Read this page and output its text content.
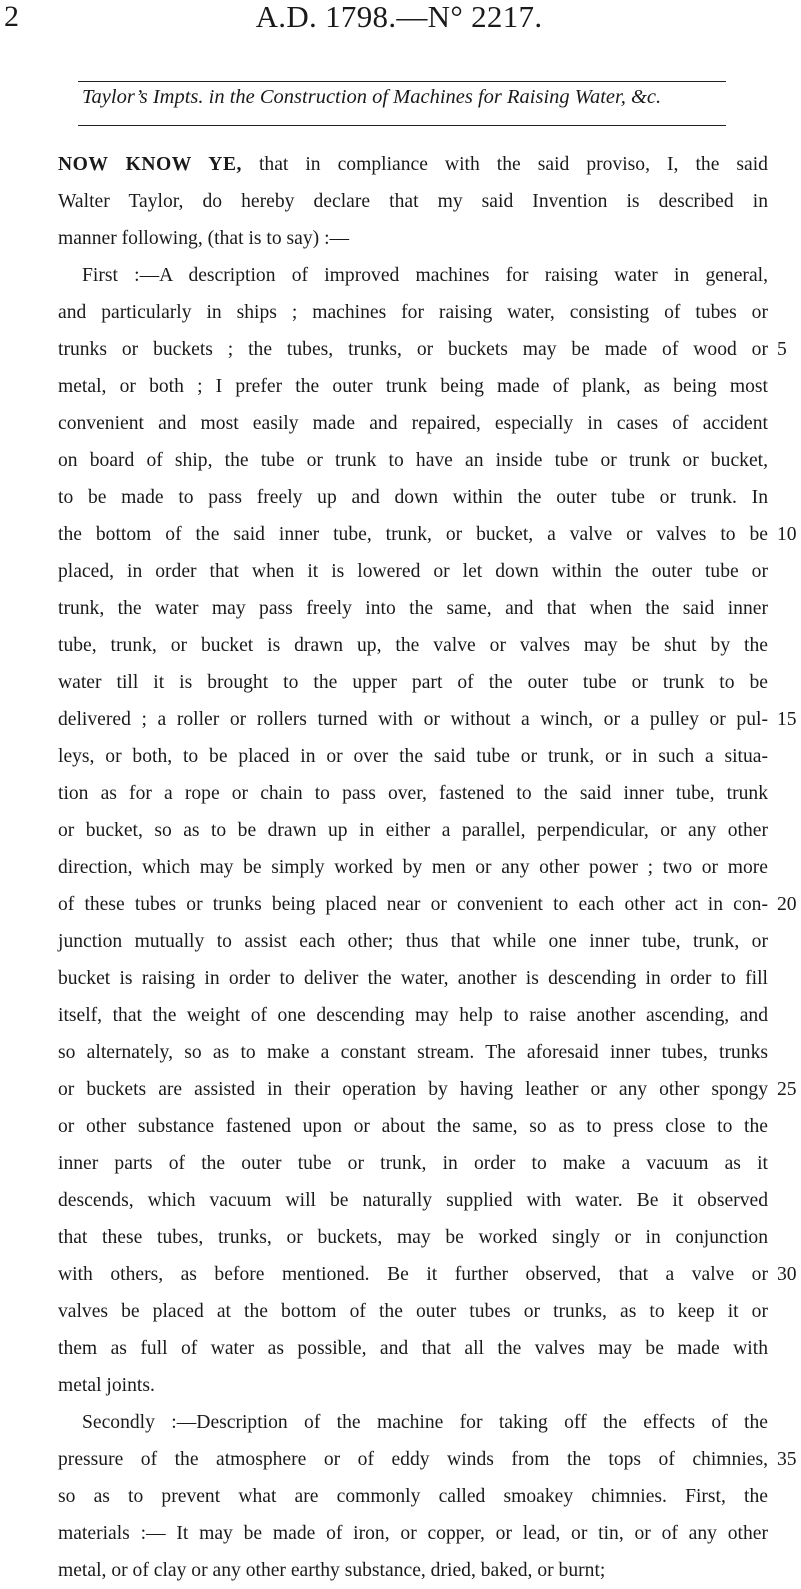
2	A.D. 1798.—N° 2217.
Taylor’s Impts. in the Construction of Machines for Raising Water, &c.
NOW KNOW YE, that in compliance with the said proviso, I, the said
Walter Taylor, do hereby declare that my said Invention is described in
manner following, (that is to say) :—
First :—A description of improved machines for raising water in general,
and particularly in ships ; machines for raising water, consisting of tubes or
trunks or buckets ; the tubes, trunks, or buckets may be made of wood or
metal, or both ; I prefer the outer trunk being made of plank, as being most
convenient and most easily made and repaired, especially in cases of accident
on board of ship, the tube or trunk to have an inside tube or trunk or bucket,
to be made to pass freely up and down within the outer tube or trunk. In
the bottom of the said inner tube, trunk, or bucket, a valve or valves to be
placed, in order that when it is lowered or let down within the outer tube or
trunk, the water may pass freely into the same, and that when the said inner
tube, trunk, or bucket is drawn up, the valve or valves may be shut by the
water till it is brought to the upper part of the outer tube or trunk to be
delivered ; a roller or rollers turned with or without a winch, or a pulley or pul-
leys, or both, to be placed in or over the said tube or trunk, or in such a situa-
tion as for a rope or chain to pass over, fastened to the said inner tube, trunk
or bucket, so as to be drawn up in either a parallel, perpendicular, or any other
direction, which may be simply worked by men or any other power ; two or more
of these tubes or trunks being placed near or convenient to each other act in con-
junction mutually to assist each other; thus that while one inner tube, trunk, or
bucket is raising in order to deliver the water, another is descending in order to fill
itself, that the weight of one descending may help to raise another ascending, and
so alternately, so as to make a constant stream. The aforesaid inner tubes, trunks
or buckets are assisted in their operation by having leather or any other spongy
or other substance fastened upon or about the same, so as to press close to the
inner parts of the outer tube or trunk, in order to make a vacuum as it
descends, which vacuum will be naturally supplied with water. Be it observed
that these tubes, trunks, or buckets, may be worked singly or in conjunction
with others, as before mentioned. Be it further observed, that a valve or
valves be placed at the bottom of the outer tubes or trunks, as to keep it or
them as full of water as possible, and that all the valves may be made with
metal joints.
Secondly :—Description of the machine for taking off the effects of the
pressure of the atmosphere or of eddy winds from the tops of chimnies,
so as to prevent what are commonly called smoakey chimnies. First, the
materials :— It may be made of iron, or copper, or lead, or tin, or of any other
metal, or of clay or any other earthy substance, dried, baked, or burnt;
5
10
15
20
25
30
35
